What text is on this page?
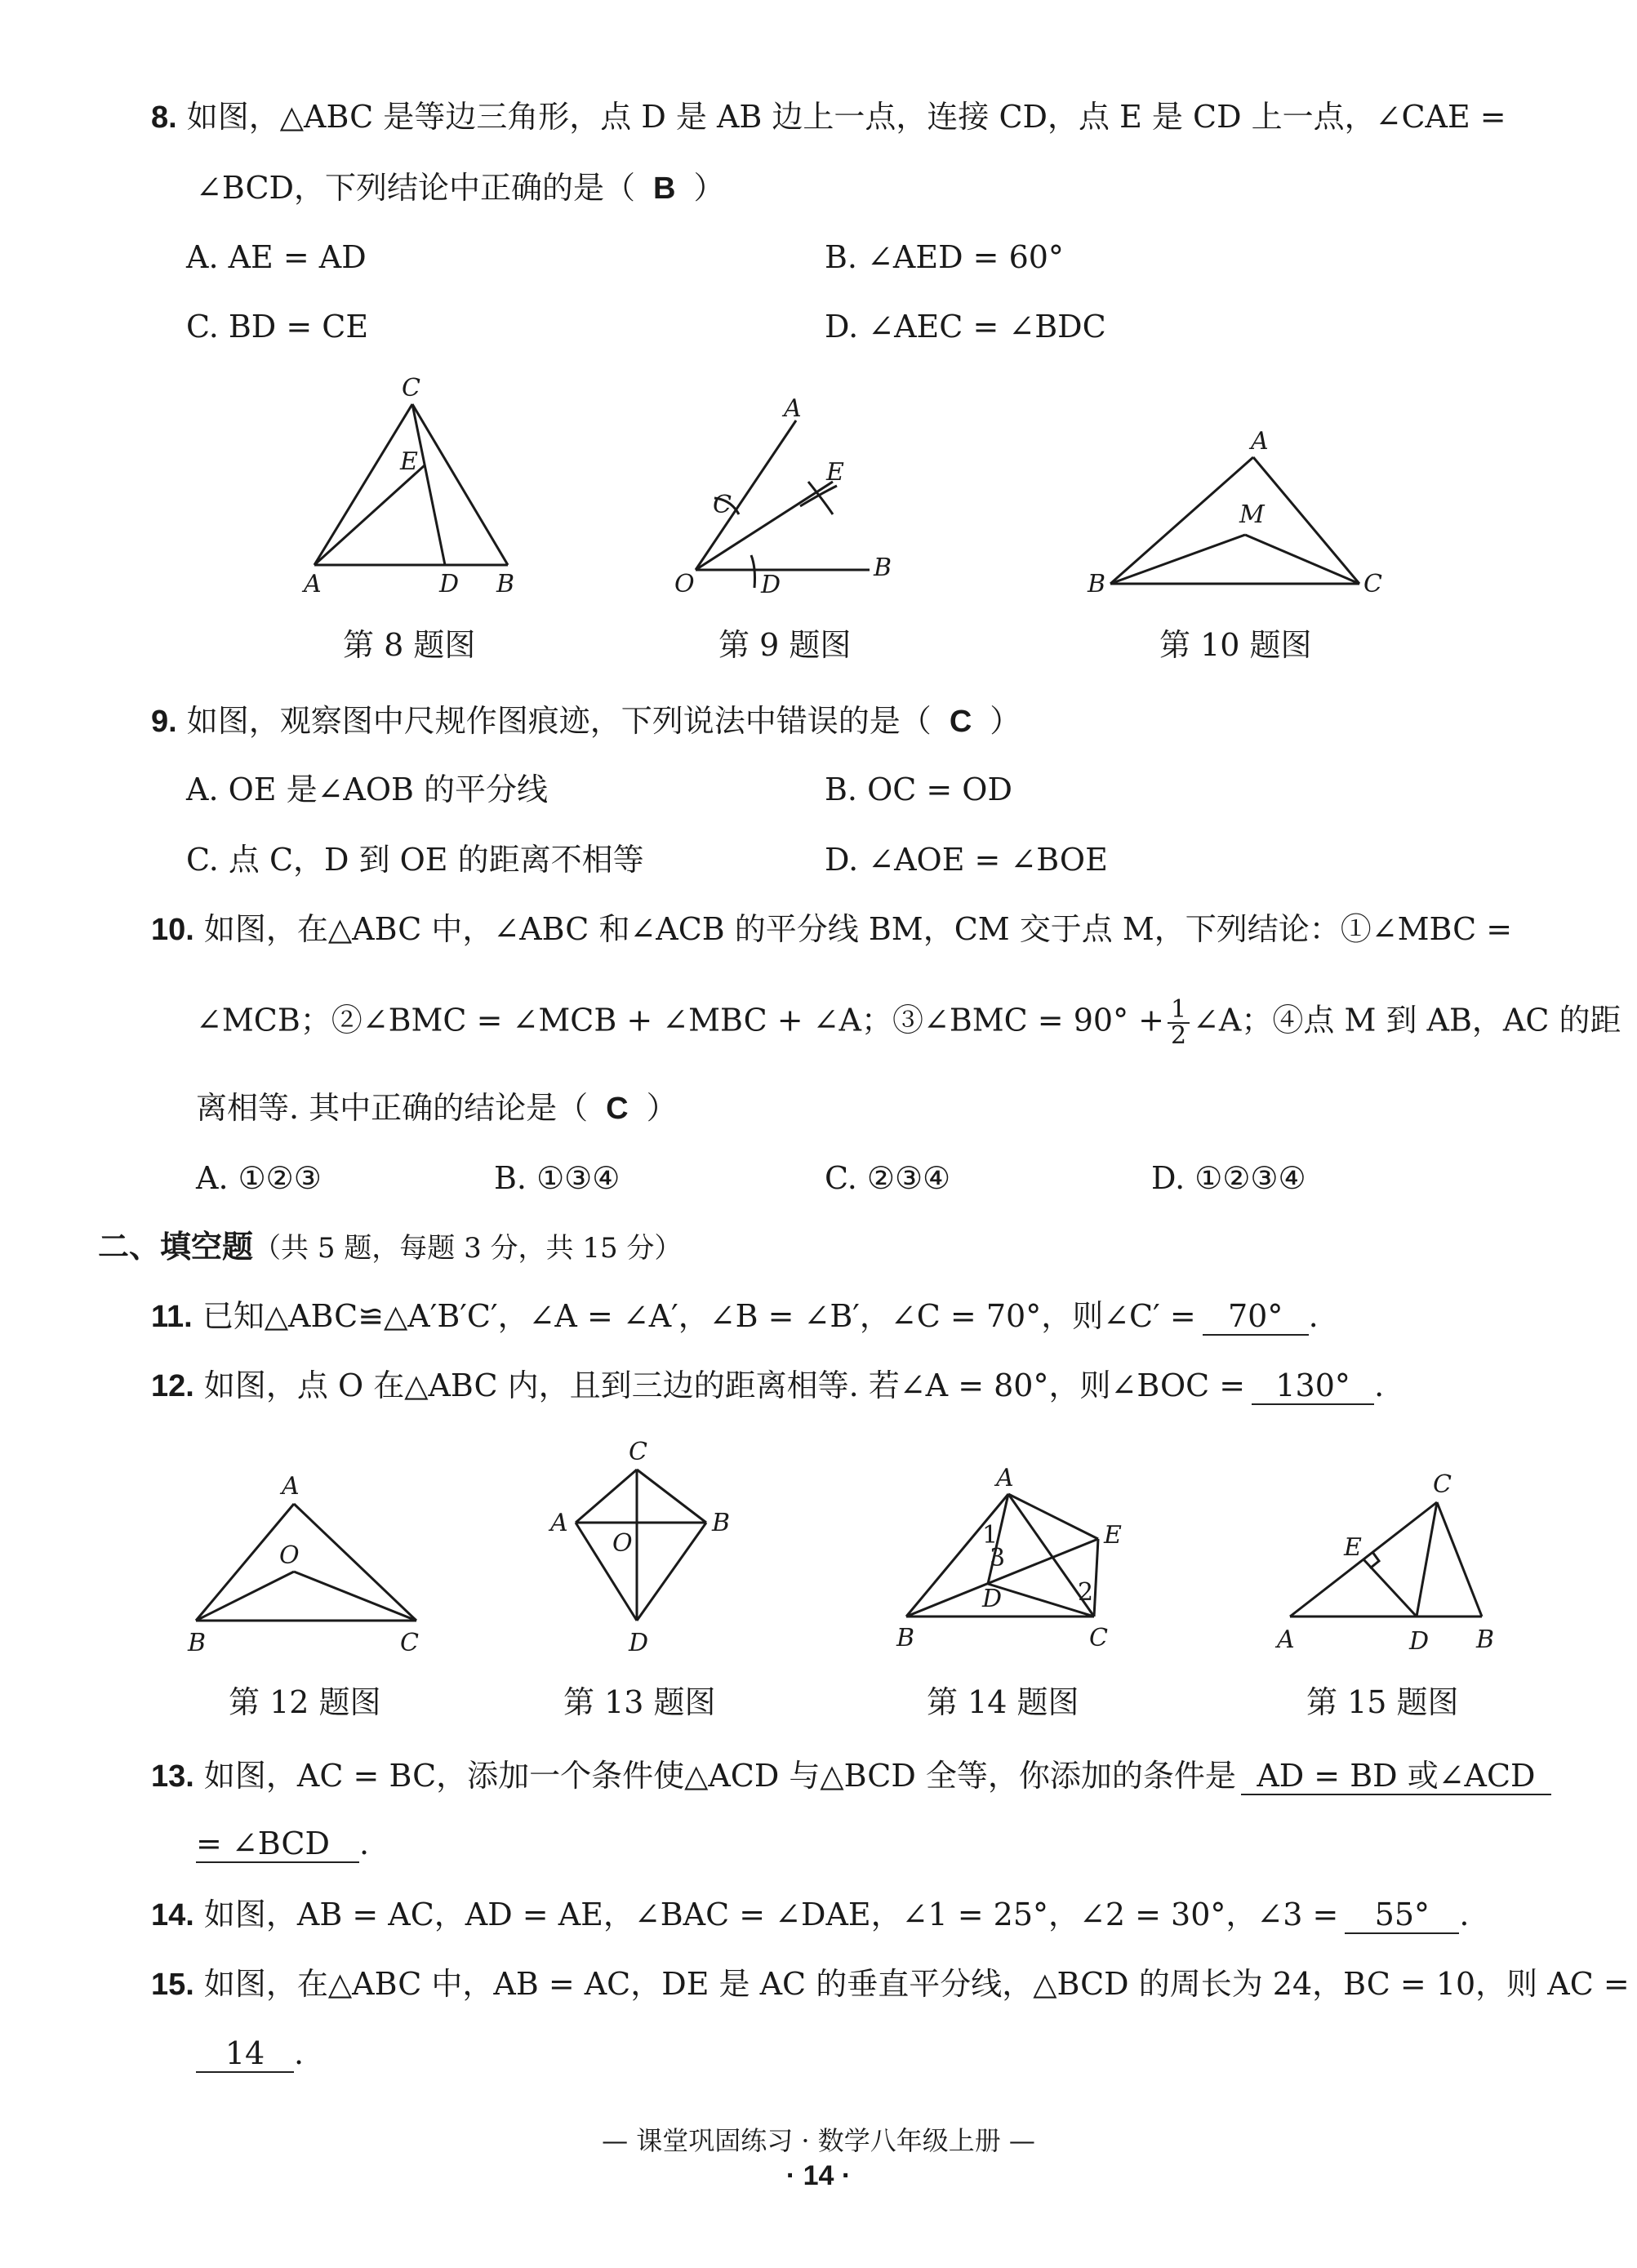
8. 如图，△ABC 是等边三角形，点 D 是 AB 边上一点，连接 CD，点 E 是 CD 上一点，∠CAE =
∠BCD，下列结论中正确的是（ B ）
A. AE = AD	B. ∠AED = 60°
C. BD = CE	D. ∠AEC = ∠BDC
C
E
A	D B
第 8 题图
A
C
E
O	D
B
第 9 题图
A
M
B	C
第 10 题图
9. 如图，观察图中尺规作图痕迹，下列说法中错误的是（ C ）
A. OE 是∠AOB 的平分线	B. OC = OD
C. 点 C，D 到 OE 的距离不相等	D. ∠AOE = ∠BOE
10. 如图，在△ABC 中，∠ABC 和∠ACB 的平分线 BM，CM 交于点 M，下列结论：①∠MBC =
∠MCB；②∠BMC = ∠MCB + ∠MBC + ∠A；③∠BMC = $90^\circ + \frac{1}{2}$ ∠A；④点 M 到 AB，AC 的距
离相等. 其中正确的结论是（ C ）
A. ①②③	B. ①③④	C. ②③④	D. ①②③④
二、填空题（共 5 题，每题 3 分，共 15 分）
11. 已知△ABC≌△A′B′C′，∠A = ∠A′，∠B = ∠B′，∠C = 70°，则∠C′ = 70° .
12. 如图，点 O 在△ABC 内，且到三边的距离相等. 若∠A = 80°，则∠BOC = 130° .
A
O
B	C
第 12 题图
C
A	B
O
D
第 13 题图
A
E
D
B	C
1
3
2
第 14 题图
C
E
A	D B
第 15 题图
13. 如图，AC = BC，添加一个条件使△ACD 与△BCD 全等，你添加的条件是 AD = BD 或∠ACD
= ∠BCD .
14. 如图，AB = AC，AD = AE，∠BAC = ∠DAE，∠1 = 25°，∠2 = 30°，∠3 = 55° .
15. 如图，在△ABC 中，AB = AC，DE 是 AC 的垂直平分线，△BCD 的周长为 24，BC = 10，则 AC =
14 .
— 课堂巩固练习 · 数学八年级上册 —
· 14 ·
